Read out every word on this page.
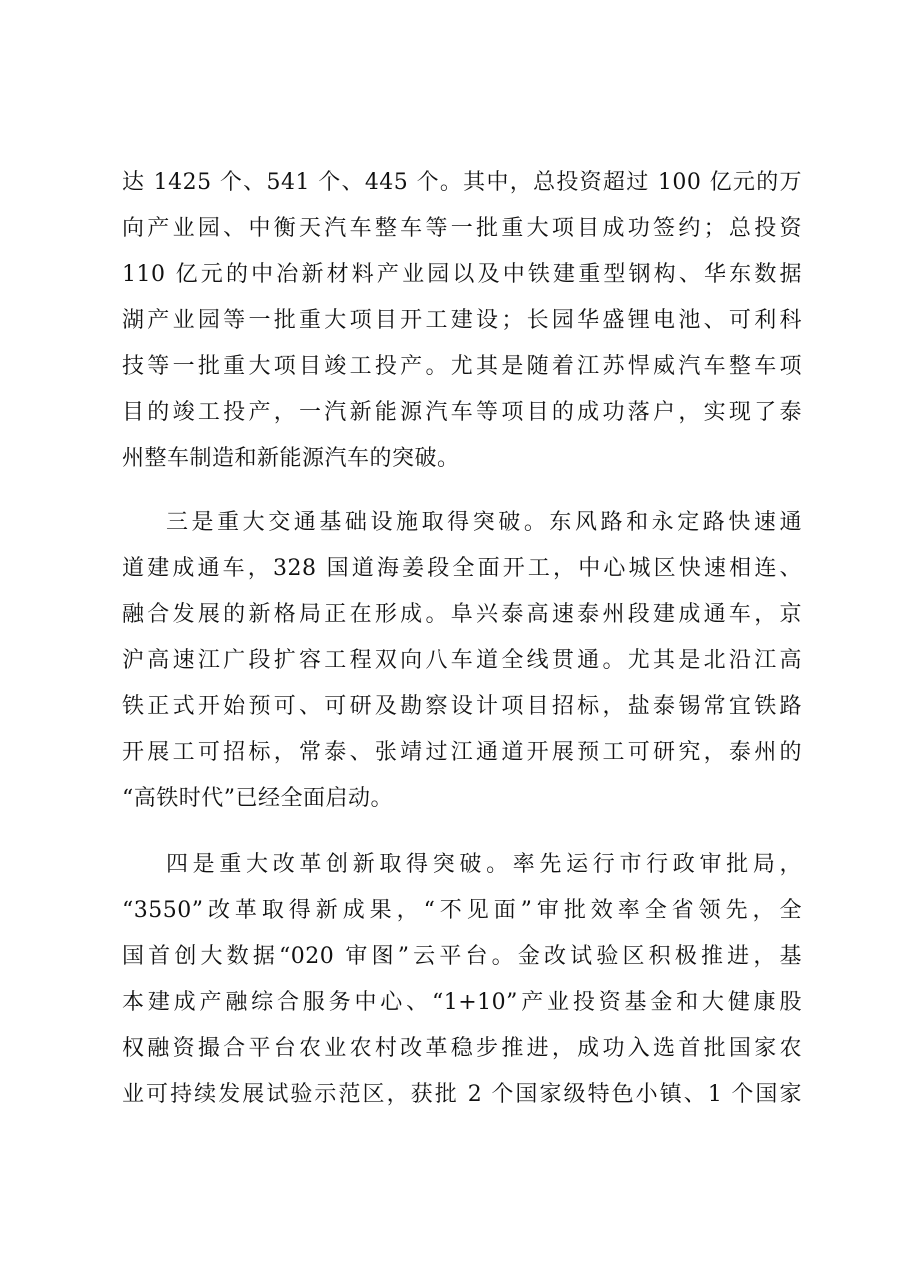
达 1425 个、541 个、445 个。其中，总投资超过 100 亿元的万
向产业园、中衡天汽车整车等一批重大项目成功签约；总投资
110 亿元的中冶新材料产业园以及中铁建重型钢构、华东数据
湖产业园等一批重大项目开工建设；长园华盛锂电池、可利科
技等一批重大项目竣工投产。尤其是随着江苏悍威汽车整车项
目的竣工投产，一汽新能源汽车等项目的成功落户，实现了泰
州整车制造和新能源汽车的突破。
三是重大交通基础设施取得突破。东风路和永定路快速通
道建成通车，328 国道海姜段全面开工，中心城区快速相连、
融合发展的新格局正在形成。阜兴泰高速泰州段建成通车，京
沪高速江广段扩容工程双向八车道全线贯通。尤其是北沿江高
铁正式开始预可、可研及勘察设计项目招标，盐泰锡常宜铁路
开展工可招标，常泰、张靖过江通道开展预工可研究，泰州的
“高铁时代”已经全面启动。
四是重大改革创新取得突破。率先运行市行政审批局，
“3550”改革取得新成果，“不见面”审批效率全省领先，全
国首创大数据“020 审图”云平台。金改试验区积极推进，基
本建成产融综合服务中心、“1+10”产业投资基金和大健康股
权融资撮合平台农业农村改革稳步推进，成功入选首批国家农
业可持续发展试验示范区，获批 2 个国家级特色小镇、1 个国家
